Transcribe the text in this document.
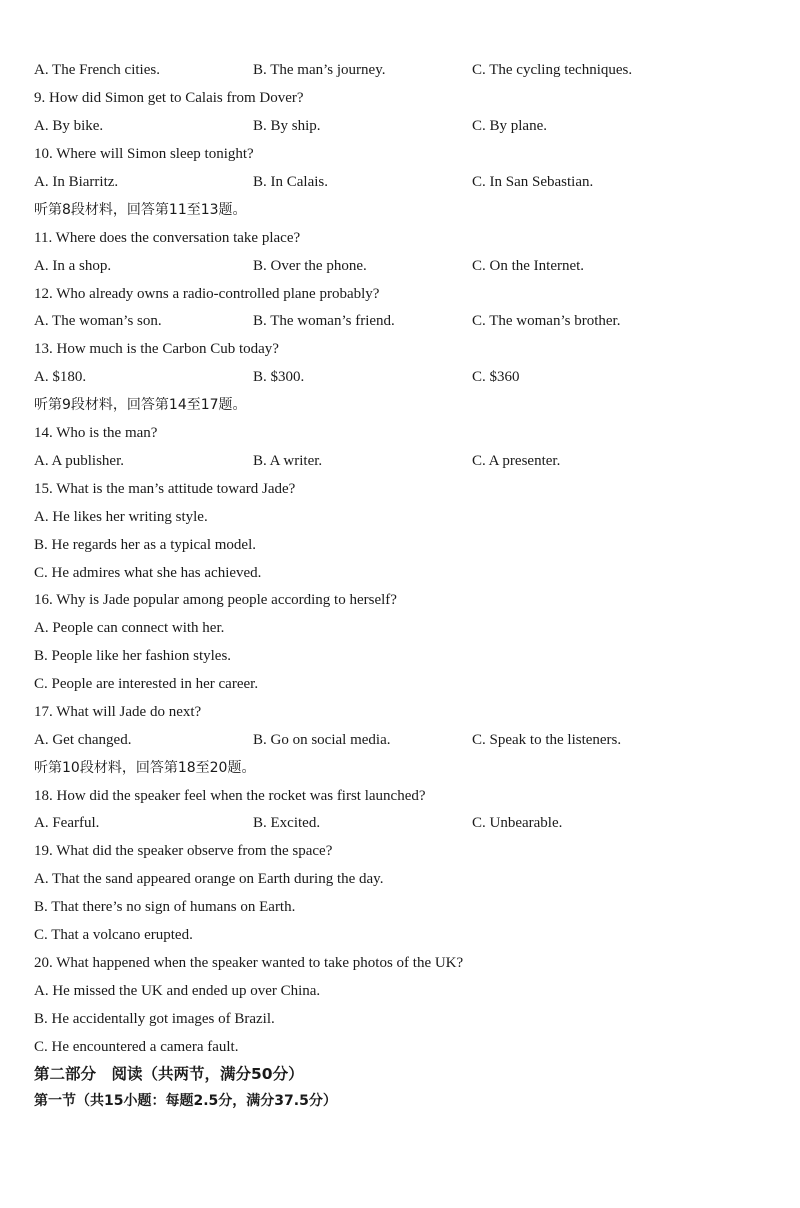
A. The French cities.	B. The man’s journey.	C. The cycling techniques.
9. How did Simon get to Calais from Dover?
A. By bike.	B. By ship.	C. By plane.
10. Where will Simon sleep tonight?
A. In Biarritz.	B. In Calais.	C. In San Sebastian.
听第8段材料，回答第11至13题。
11. Where does the conversation take place?
A. In a shop.	B. Over the phone.	C. On the Internet.
12. Who already owns a radio-controlled plane probably?
A. The woman’s son.	B. The woman’s friend.	C. The woman’s brother.
13. How much is the Carbon Cub today?
A. $180.	B. $300.	C. $360
听第9段材料，回答第14至17题。
14. Who is the man?
A. A publisher.	B. A writer.	C. A presenter.
15. What is the man’s attitude toward Jade?
A. He likes her writing style.
B. He regards her as a typical model.
C. He admires what she has achieved.
16. Why is Jade popular among people according to herself?
A. People can connect with her.
B. People like her fashion styles.
C. People are interested in her career.
17. What will Jade do next?
A. Get changed.	B. Go on social media.	C. Speak to the listeners.
听第10段材料，回答第18至20题。
18. How did the speaker feel when the rocket was first launched?
A. Fearful.	B. Excited.	C. Unbearable.
19. What did the speaker observe from the space?
A. That the sand appeared orange on Earth during the day.
B. That there’s no sign of humans on Earth.
C. That a volcano erupted.
20. What happened when the speaker wanted to take photos of the UK?
A. He missed the UK and ended up over China.
B. He accidentally got images of Brazil.
C. He encountered a camera fault.
第二部分　阅读（共两节，满分50分）
第一节（共15小题：每题2.5分，满分37.5分）
